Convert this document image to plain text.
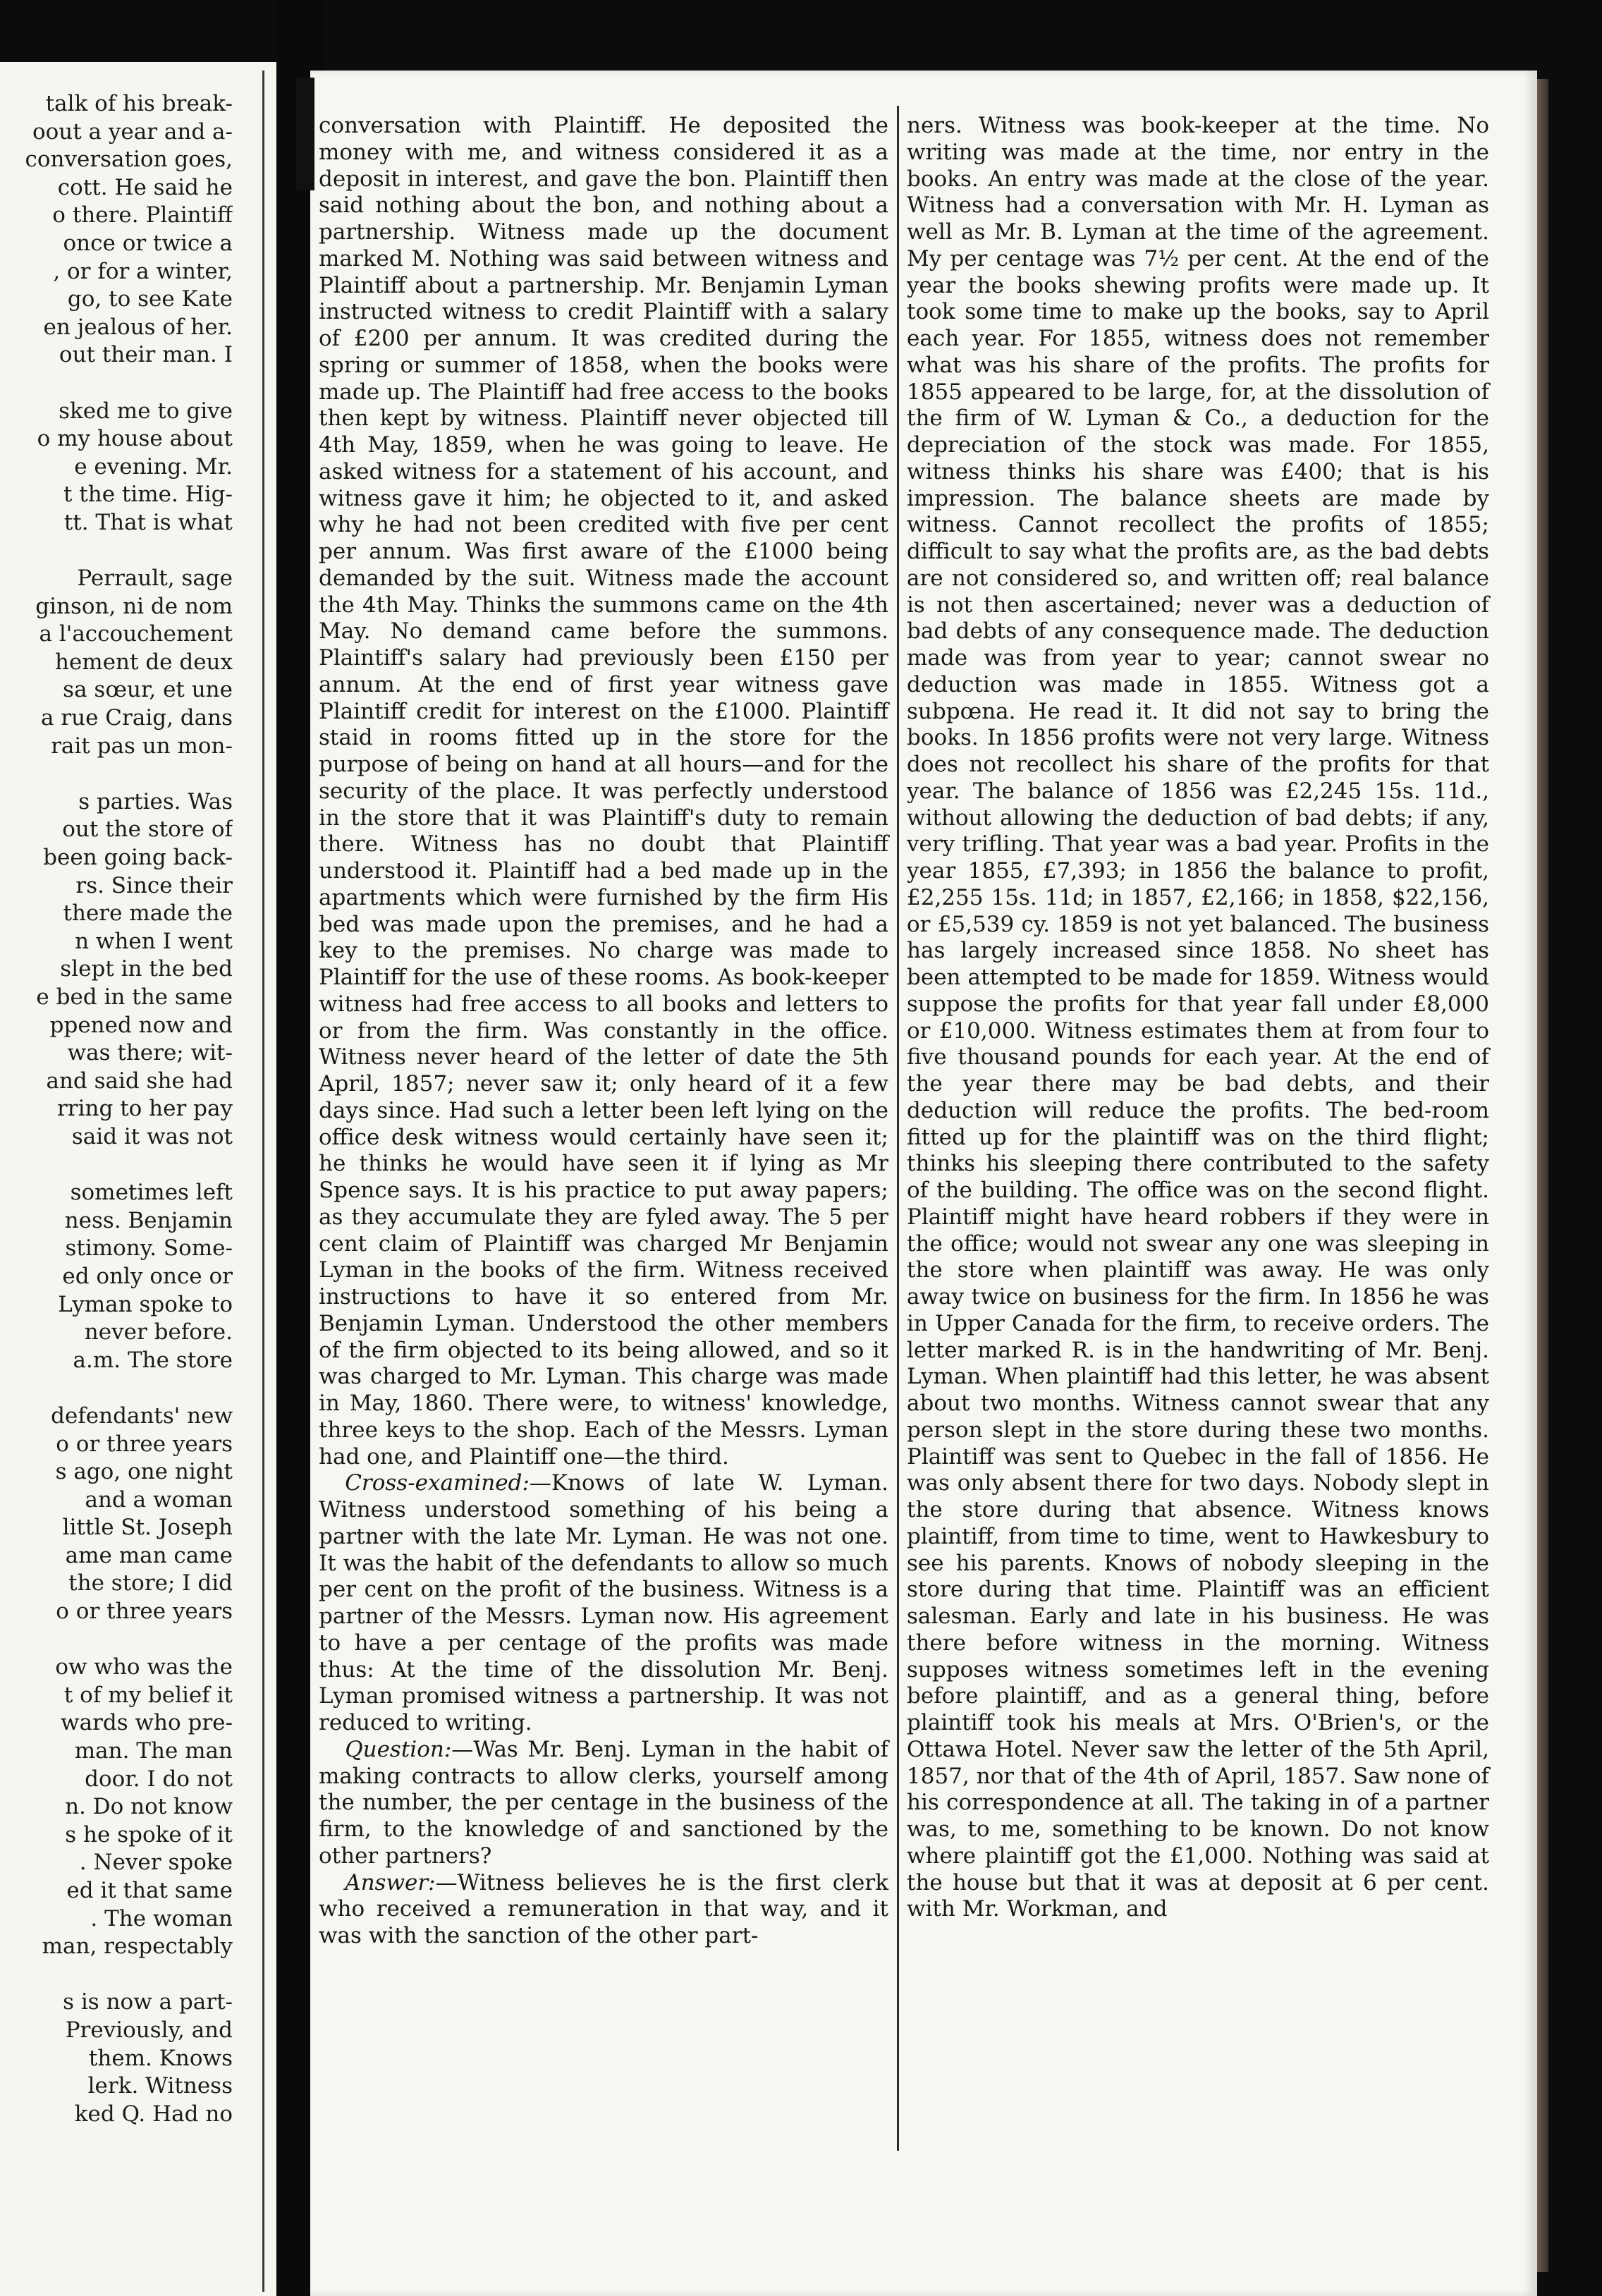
talk of his break-
oout a year and a-
conversation goes,
cott. He said he
o there. Plaintiff
once or twice a
, or for a winter,
go, to see Kate
en jealous of her.
out their man. I

sked me to give
o my house about
e evening. Mr.
t the time. Hig-
tt. That is what

Perrault, sage
ginson, ni de nom
a l'accouchement
hement de deux
sa sœur, et une
a rue Craig, dans
rait pas un mon-

s parties. Was
out the store of
been going back-
rs. Since their
there made the
n when I went
slept in the bed
e bed in the same
ppened now and
was there; wit-
and said she had
rring to her pay
said it was not

sometimes left
ness. Benjamin
stimony. Some-
ed only once or
Lyman spoke to
never before.
a.m. The store

defendants' new
o or three years
s ago, one night
and a woman
little St. Joseph
ame man came
the store; I did
o or three years

ow who was the
t of my belief it
wards who pre-
man. The man
door. I do not
n. Do not know
s he spoke of it
. Never spoke
ed it that same
. The woman
man, respectably

s is now a part-
Previously, and
them. Knows
lerk. Witness
ked Q. Had no

conversation with Plaintiff. He deposited the money with me, and witness considered it as a deposit in interest, and gave the bon. Plaintiff then said nothing about the bon, and nothing about a partnership. Witness made up the document marked M. Nothing was said between witness and Plaintiff about a partnership. Mr. Benjamin Lyman instructed witness to credit Plaintiff with a salary of £200 per annum. It was credited during the spring or summer of 1858, when the books were made up. The Plaintiff had free access to the books then kept by witness. Plaintiff never objected till 4th May, 1859, when he was going to leave. He asked witness for a statement of his account, and witness gave it him; he objected to it, and asked why he had not been credited with five per cent per annum. Was first aware of the £1000 being demanded by the suit. Witness made the account the 4th May. Thinks the summons came on the 4th May. No demand came before the summons. Plaintiff's salary had previously been £150 per annum. At the end of first year witness gave Plaintiff credit for interest on the £1000. Plaintiff staid in rooms fitted up in the store for the purpose of being on hand at all hours—and for the security of the place. It was perfectly understood in the store that it was Plaintiff's duty to remain there. Witness has no doubt that Plaintiff understood it. Plaintiff had a bed made up in the apartments which were furnished by the firm His bed was made upon the premises, and he had a key to the premises. No charge was made to Plaintiff for the use of these rooms. As book-keeper witness had free access to all books and letters to or from the firm. Was constantly in the office. Witness never heard of the letter of date the 5th April, 1857; never saw it; only heard of it a few days since. Had such a letter been left lying on the office desk witness would certainly have seen it; he thinks he would have seen it if lying as Mr Spence says. It is his practice to put away papers; as they accumulate they are fyled away. The 5 per cent claim of Plaintiff was charged Mr Benjamin Lyman in the books of the firm. Witness received instructions to have it so entered from Mr. Benjamin Lyman. Understood the other members of the firm objected to its being allowed, and so it was charged to Mr. Lyman. This charge was made in May, 1860. There were, to witness' knowledge, three keys to the shop. Each of the Messrs. Lyman had one, and Plaintiff one—the third.

Cross-examined:—Knows of late W. Lyman. Witness understood something of his being a partner with the late Mr. Lyman. He was not one. It was the habit of the defendants to allow so much per cent on the profit of the business. Witness is a partner of the Messrs. Lyman now. His agreement to have a per centage of the profits was made thus: At the time of the dissolution Mr. Benj. Lyman promised witness a partnership. It was not reduced to writing.

Question:—Was Mr. Benj. Lyman in the habit of making contracts to allow clerks, yourself among the number, the per centage in the business of the firm, to the knowledge of and sanctioned by the other partners?

Answer:—Witness believes he is the first clerk who received a remuneration in that way, and it was with the sanction of the other part-

ners. Witness was book-keeper at the time. No writing was made at the time, nor entry in the books. An entry was made at the close of the year. Witness had a conversation with Mr. H. Lyman as well as Mr. B. Lyman at the time of the agreement. My per centage was 7½ per cent. At the end of the year the books shewing profits were made up. It took some time to make up the books, say to April each year. For 1855, witness does not remember what was his share of the profits. The profits for 1855 appeared to be large, for, at the dissolution of the firm of W. Lyman & Co., a deduction for the depreciation of the stock was made. For 1855, witness thinks his share was £400; that is his impression. The balance sheets are made by witness. Cannot recollect the profits of 1855; difficult to say what the profits are, as the bad debts are not considered so, and written off; real balance is not then ascertained; never was a deduction of bad debts of any consequence made. The deduction made was from year to year; cannot swear no deduction was made in 1855. Witness got a subpœna. He read it. It did not say to bring the books. In 1856 profits were not very large. Witness does not recollect his share of the profits for that year. The balance of 1856 was £2,245 15s. 11d., without allowing the deduction of bad debts; if any, very trifling. That year was a bad year. Profits in the year 1855, £7,393; in 1856 the balance to profit, £2,255 15s. 11d; in 1857, £2,166; in 1858, $22,156, or £5,539 cy. 1859 is not yet balanced. The business has largely increased since 1858. No sheet has been attempted to be made for 1859. Witness would suppose the profits for that year fall under £8,000 or £10,000. Witness estimates them at from four to five thousand pounds for each year. At the end of the year there may be bad debts, and their deduction will reduce the profits. The bed-room fitted up for the plaintiff was on the third flight; thinks his sleeping there contributed to the safety of the building. The office was on the second flight. Plaintiff might have heard robbers if they were in the office; would not swear any one was sleeping in the store when plaintiff was away. He was only away twice on business for the firm. In 1856 he was in Upper Canada for the firm, to receive orders. The letter marked R. is in the handwriting of Mr. Benj. Lyman. When plaintiff had this letter, he was absent about two months. Witness cannot swear that any person slept in the store during these two months. Plaintiff was sent to Quebec in the fall of 1856. He was only absent there for two days. Nobody slept in the store during that absence. Witness knows plaintiff, from time to time, went to Hawkesbury to see his parents. Knows of nobody sleeping in the store during that time. Plaintiff was an efficient salesman. Early and late in his business. He was there before witness in the morning. Witness supposes witness sometimes left in the evening before plaintiff, and as a general thing, before plaintiff took his meals at Mrs. O'Brien's, or the Ottawa Hotel. Never saw the letter of the 5th April, 1857, nor that of the 4th of April, 1857. Saw none of his correspondence at all. The taking in of a partner was, to me, something to be known. Do not know where plaintiff got the £1,000. Nothing was said at the house but that it was at deposit at 6 per cent. with Mr. Workman, and
